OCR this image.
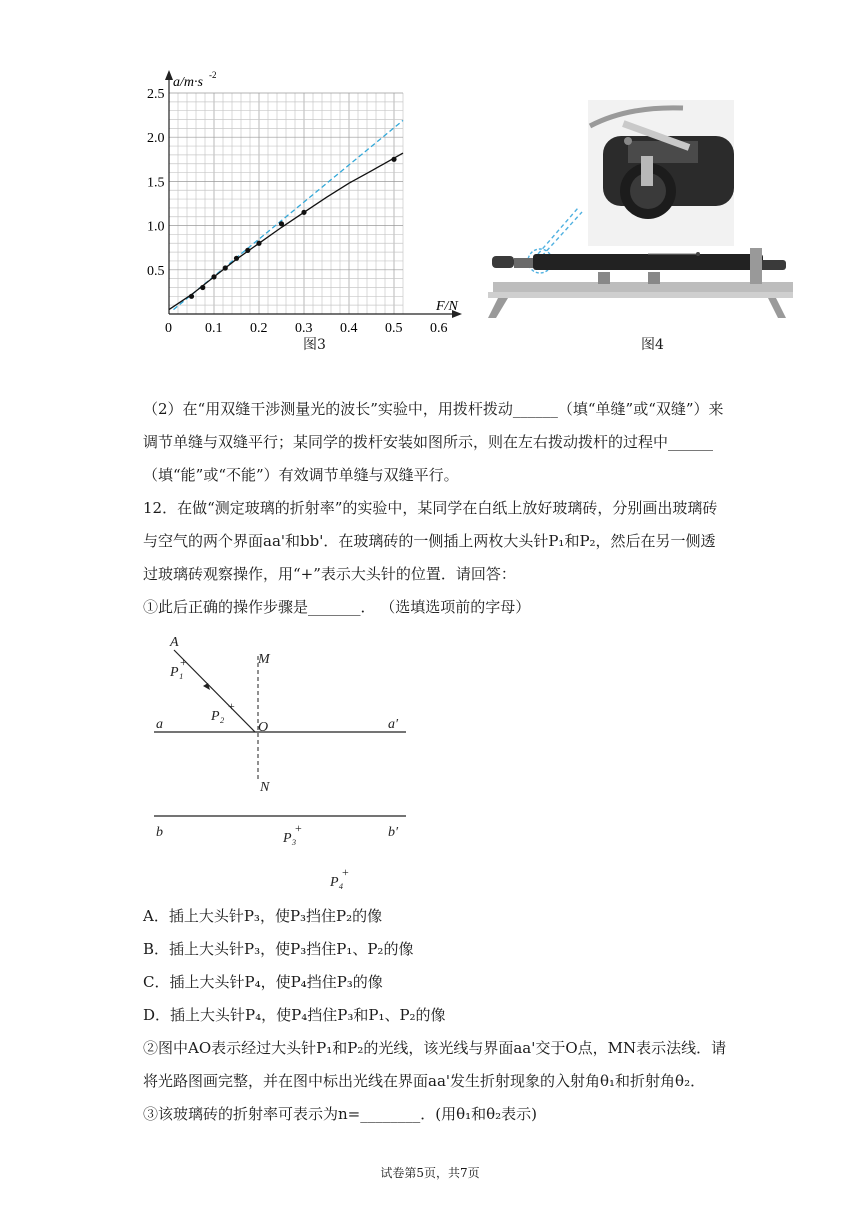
a/m·s -2
F/N
2.5
2.0
1.5
1.0
0.5
0 0.1 0.2 0.3 0.4 0.5 0.6
图3	图4
（2）在“用双缝干涉测量光的波长”实验中，用拨杆拨动______（填“单缝”或“双缝”）来
调节单缝与双缝平行；某同学的拨杆安装如图所示，则在左右拨动拨杆的过程中______
（填“能”或“不能”）有效调节单缝与双缝平行。
12．在做“测定玻璃的折射率”的实验中，某同学在白纸上放好玻璃砖，分别画出玻璃砖
与空气的两个界面aa'和bb'．在玻璃砖的一侧插上两枚大头针P₁和P₂，然后在另一侧透
过玻璃砖观察操作，用“+”表示大头针的位置．请回答：
①此后正确的操作步骤是_______． （选填选项前的字母）
+
+
+
+
A
P₁
P₂
M
N
O
a	a′
b	b′
P₃
P₄
A．插上大头针P₃，使P₃挡住P₂的像
B．插上大头针P₃，使P₃挡住P₁、P₂的像
C．插上大头针P₄，使P₄挡住P₃的像
D．插上大头针P₄，使P₄挡住P₃和P₁、P₂的像
②图中AO表示经过大头针P₁和P₂的光线，该光线与界面aa'交于O点，MN表示法线．请
将光路图画完整，并在图中标出光线在界面aa'发生折射现象的入射角θ₁和折射角θ₂．
③该玻璃砖的折射率可表示为n=________．(用θ₁和θ₂表示)
试卷第5页，共7页
